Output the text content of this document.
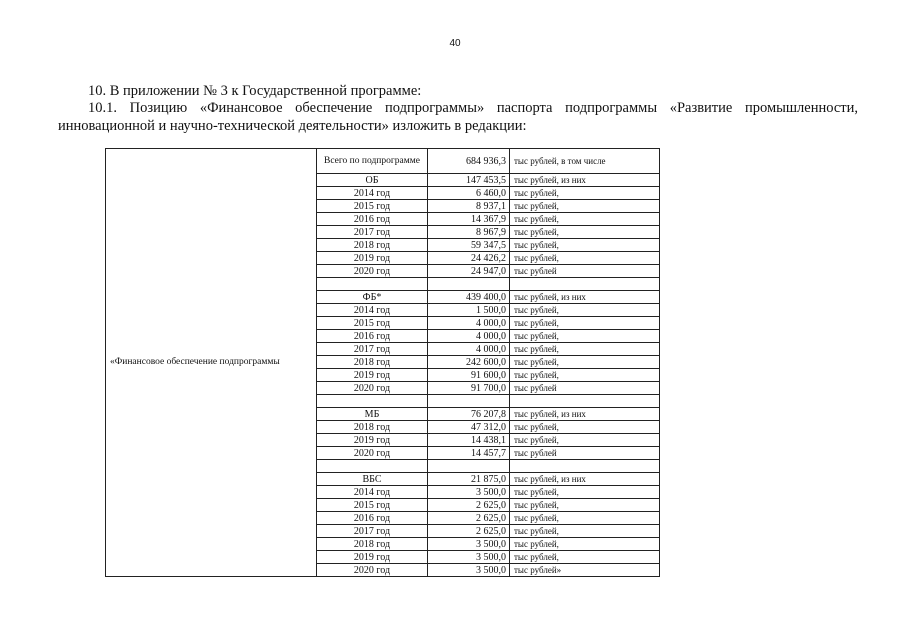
40
10. В приложении № 3 к Государственной программе:
10.1. Позицию «Финансовое обеспечение подпрограммы» паспорта подпрограммы «Развитие промышленности, инновационной и научно-технической деятельности» изложить в редакции:
«Финансовое обеспечение подпрограммы	Всего по подпрограмме	684 936,3	тыс рублей, в том числе
	ОБ	147 453,5	тыс рублей, из них
	2014 год	6 460,0	тыс рублей,
	2015 год	8 937,1	тыс рублей,
	2016 год	14 367,9	тыс рублей,
	2017 год	8 967,9	тыс рублей,
	2018 год	59 347,5	тыс рублей,
	2019 год	24 426,2	тыс рублей,
	2020 год	24 947,0	тыс рублей

	ФБ*	439 400,0	тыс рублей, из них
	2014 год	1 500,0	тыс рублей,
	2015 год	4 000,0	тыс рублей,
	2016 год	4 000,0	тыс рублей,
	2017 год	4 000,0	тыс рублей,
	2018 год	242 600,0	тыс рублей,
	2019 год	91 600,0	тыс рублей,
	2020 год	91 700,0	тыс рублей

	МБ	76 207,8	тыс рублей, из них
	2018 год	47 312,0	тыс рублей,
	2019 год	14 438,1	тыс рублей,
	2020 год	14 457,7	тыс рублей

	ВБС	21 875,0	тыс рублей, из них
	2014 год	3 500,0	тыс рублей,
	2015 год	2 625,0	тыс рублей,
	2016 год	2 625,0	тыс рублей,
	2017 год	2 625,0	тыс рублей,
	2018 год	3 500,0	тыс рублей,
	2019 год	3 500,0	тыс рублей,
	2020 год	3 500,0	тыс рублей»
